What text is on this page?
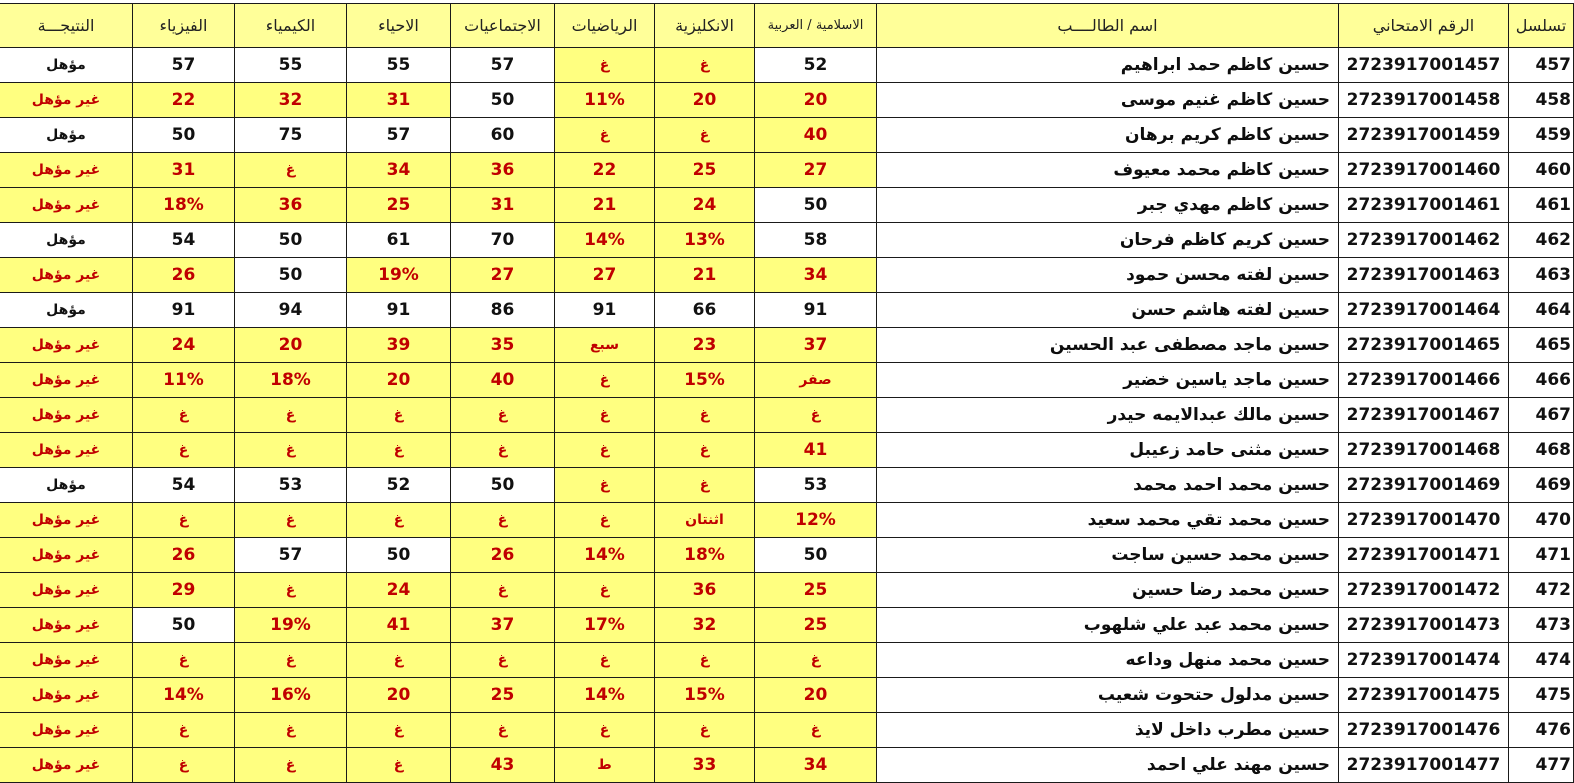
تسلسل	الرقم الامتحاني	اسم الطالــــب	الاسلامية / العربية	الانكليزية	الرياضيات	الاجتماعيات	الاحياء	الكيمياء	الفيزياء	النتيجـــة
457	2723917001457	حسين كاظم حمد ابراهيم	52	غ	غ	57	55	55	57	مؤهل
458	2723917001458	حسين كاظم غنيم موسى	20	20	11%	50	31	32	22	غير مؤهل
459	2723917001459	حسين كاظم كريم برهان	40	غ	غ	60	57	75	50	مؤهل
460	2723917001460	حسين كاظم محمد معيوف	27	25	22	36	34	غ	31	غير مؤهل
461	2723917001461	حسين كاظم مهدي جبر	50	24	21	31	25	36	18%	غير مؤهل
462	2723917001462	حسين كريم كاظم فرحان	58	13%	14%	70	61	50	54	مؤهل
463	2723917001463	حسين لفته محسن حمود	34	21	27	27	19%	50	26	غير مؤهل
464	2723917001464	حسين لفته هاشم حسن	91	66	91	86	91	94	91	مؤهل
465	2723917001465	حسين ماجد مصطفى عبد الحسين	37	23	سبع	35	39	20	24	غير مؤهل
466	2723917001466	حسين ماجد ياسين خضير	صفر	15%	غ	40	20	18%	11%	غير مؤهل
467	2723917001467	حسين مالك عبدالايمه حيدر	غ	غ	غ	غ	غ	غ	غ	غير مؤهل
468	2723917001468	حسين مثنى حامد زعيبل	41	غ	غ	غ	غ	غ	غ	غير مؤهل
469	2723917001469	حسين محمد احمد محمد	53	غ	غ	50	52	53	54	مؤهل
470	2723917001470	حسين محمد تقي محمد سعيد	12%	اثنتان	غ	غ	غ	غ	غ	غير مؤهل
471	2723917001471	حسين محمد حسين ساجت	50	18%	14%	26	50	57	26	غير مؤهل
472	2723917001472	حسين محمد رضا حسين	25	36	غ	غ	24	غ	29	غير مؤهل
473	2723917001473	حسين محمد عبد علي شلهوب	25	32	17%	37	41	19%	50	غير مؤهل
474	2723917001474	حسين محمد منهل وداعه	غ	غ	غ	غ	غ	غ	غ	غير مؤهل
475	2723917001475	حسين مدلول حتحوت شعيب	20	15%	14%	25	20	16%	14%	غير مؤهل
476	2723917001476	حسين مطرب داخل لايذ	غ	غ	غ	غ	غ	غ	غ	غير مؤهل
477	2723917001477	حسين مهند علي احمد	34	33	ط	43	غ	غ	غ	غير مؤهل
